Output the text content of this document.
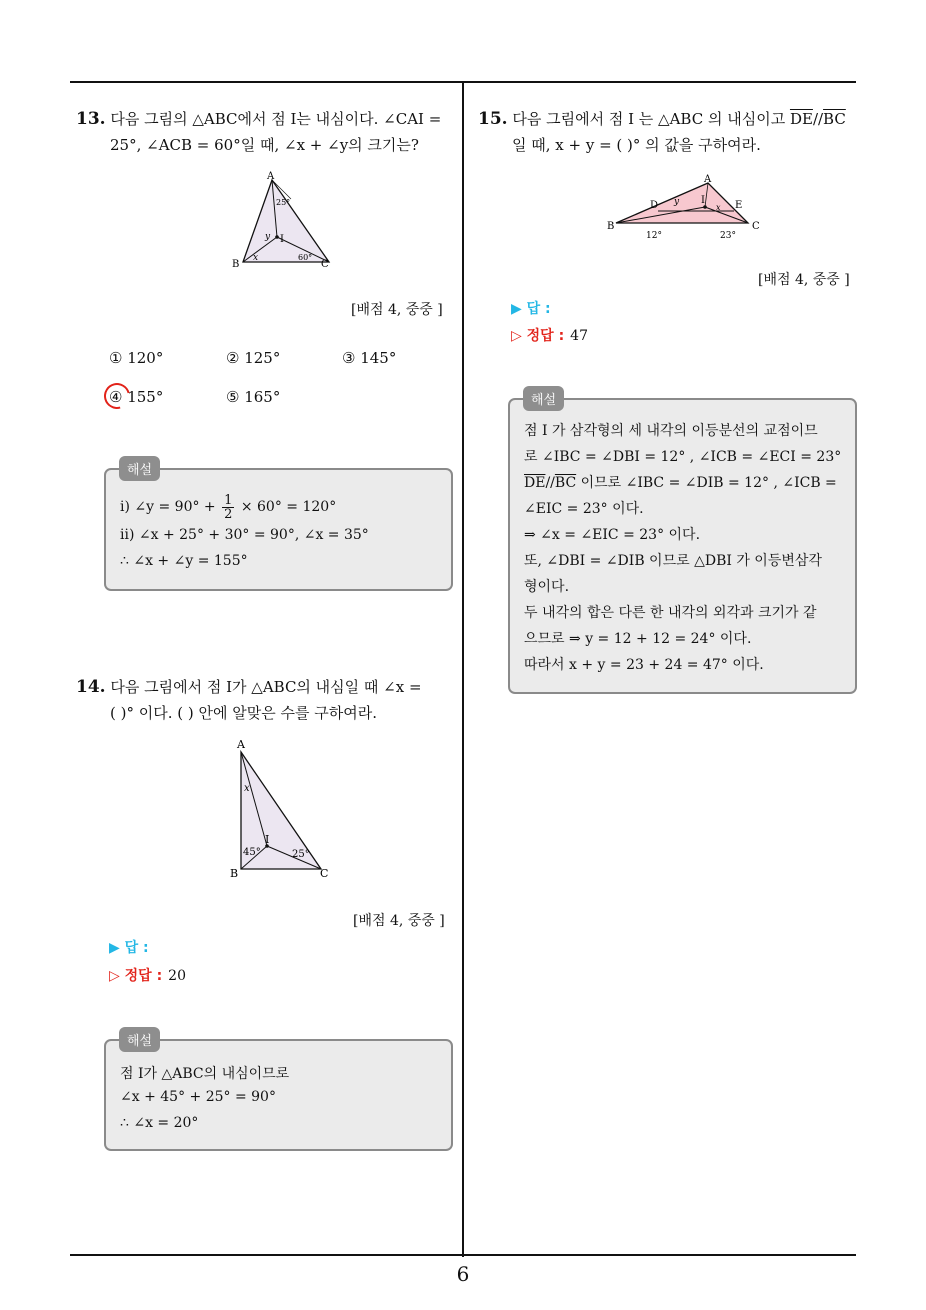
13. 다음 그림의 △ABC에서 점 I는 내심이다. ∠CAI =
25°, ∠ACB = 60°일 때, ∠x + ∠y의 크기는?
A
B	C
I
x
y
25°
60°
[배점 4, 중중 ]
① 120°	② 125°	③ 145°
④ 155°	⑤ 165°
ⅰ) ∠y = $90^\circ + \frac{1}{2} \times 60^\circ = 120^\circ$
ⅱ) ∠x + 25° + 30° = 90°, ∠x = 35°
∴ ∠x + ∠y = 155°
해설
14. 다음 그림에서 점 I가 △ABC의 내심일 때 ∠x =
( )° 이다. ( ) 안에 알맞은 수를 구하여라.
A
B	C
I
x
45°	25°
[배점 4, 중중 ]
▶ 답 :
▷ 정답 : 20
점 I가 △ABC의 내심이므로
∠x + 45° + 25° = 90°
∴ ∠x = 20°
해설
15. 다음 그림에서 점 I 는 △ABC 의 내심이고 $\overline{DE}//\overline{BC}$
일 때, x + y = ( )° 의 값을 구하여라.
A
B	C
D	E
I
y
x
12°	23°
[배점 4, 중중 ]
▶ 답 :
▷ 정답 : 47
점 I 가 삼각형의 세 내각의 이등분선의 교점이므
로 ∠IBC = ∠DBI = 12° , ∠ICB = ∠ECI = 23°
$\overline{DE}//\overline{BC}$ 이므로 ∠IBC = ∠DIB = 12° , ∠ICB =
∠EIC = 23° 이다.
⇒ ∠x = ∠EIC = 23° 이다.
또, ∠DBI = ∠DIB 이므로 △DBI 가 이등변삼각
형이다.
두 내각의 합은 다른 한 내각의 외각과 크기가 같
으므로 ⇒ y = 12 + 12 = 24° 이다.
따라서 x + y = 23 + 24 = 47° 이다.
해설
6
